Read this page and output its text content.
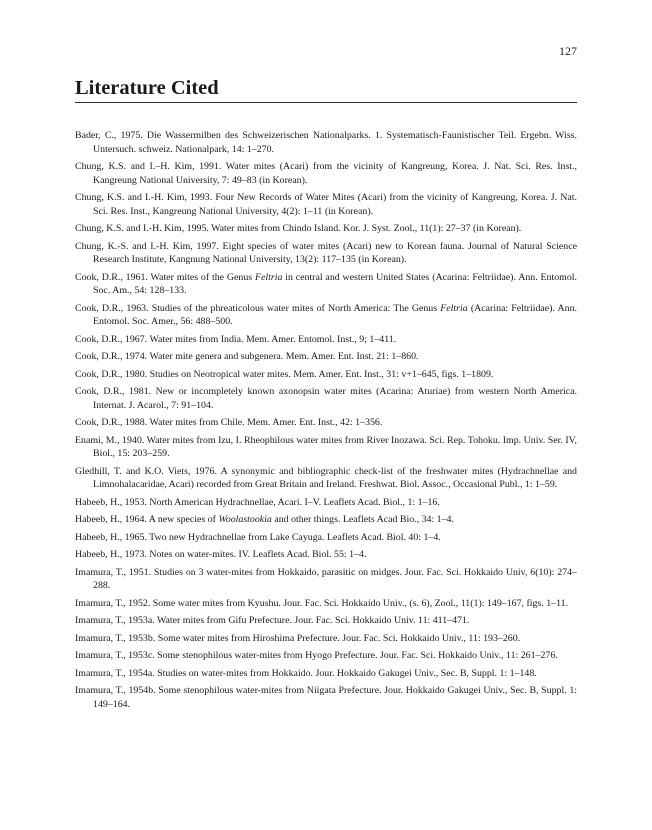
127
Literature Cited
Bader, C., 1975. Die Wassermilben des Schweizerischen Nationalparks. 1. Systematisch-Faunistischer Teil. Ergebn. Wiss. Untersuch. schweiz. Nationalpark, 14: 1–270.
Chung, K.S. and I.–H. Kim, 1991. Water mites (Acari) from the vicinity of Kangreung, Korea. J. Nat. Sci. Res. Inst., Kangreung National University, 7: 49–83 (in Korean).
Chung, K.S. and I.-H. Kim, 1993. Four New Records of Water Mites (Acari) from the vicinity of Kangreung, Korea. J. Nat. Sci. Res. Inst., Kangreung National University, 4(2): 1–11 (in Korean).
Chung, K.S. and I.-H. Kim, 1995. Water mites from Chindo Island. Kor. J. Syst. Zool., 11(1): 27–37 (in Korean).
Chung, K.-S. and I.-H. Kim, 1997. Eight species of water mites (Acari) new to Korean fauna. Journal of Natural Science Research Institute, Kangnung National University, 13(2): 117–135 (in Korean).
Cook, D.R., 1961. Water mites of the Genus Feltria in central and western United States (Acarina: Feltriidae). Ann. Entomol. Soc. Am., 54: 128–133.
Cook, D.R., 1963. Studies of the phreaticolous water mites of North America: The Genus Feltria (Acarina: Feltriidae). Ann. Entomol. Soc. Amer., 56: 488–500.
Cook, D.R., 1967. Water mites from India. Mem. Amer. Entomol. Inst., 9; 1–411.
Cook, D.R., 1974. Water mite genera and subgenera. Mem. Amer. Ent. Inst. 21: 1–860.
Cook, D.R., 1980. Studies on Neotropical water mites. Mem. Amer. Ent. Inst., 31: v+1–645, figs. 1–1809.
Cook, D.R., 1981. New or incompletely known axonopsin water mites (Acarina: Aturiae) from western North America. Internat. J. Acarol., 7: 91–104.
Cook, D.R., 1988. Water mites from Chile. Mem. Amer. Ent. Inst., 42: 1–356.
Enami, M., 1940. Water mites from Izu, I. Rheophilous water mites from River Inozawa. Sci. Rep. Tohoku. Imp. Univ. Ser. IV, Biol., 15: 203–259.
Gledhill, T. and K.O. Viets, 1976. A synonymic and bibliographic check-list of the freshwater mites (Hydrachnellae and Limnohalacaridae, Acari) recorded from Great Britain and Ireland. Freshwat. Biol. Assoc., Occasional Publ., 1: 1–59.
Habeeb, H., 1953. North American Hydrachnellae, Acari. I–V. Leaflets Acad. Biol., 1: 1–16.
Habeeb, H., 1964. A new species of Woolastookia and other things. Leaflets Acad Bio., 34: 1–4.
Habeeb, H., 1965. Two new Hydrachnellae from Lake Cayuga. Leaflets Acad. Biol. 40: 1–4.
Habeeb, H., 1973. Notes on water-mites. IV. Leaflets Acad. Biol. 55: 1–4.
Imamura, T., 1951. Studies on 3 water-mites from Hokkaido, parasitic on midges. Jour. Fac. Sci. Hokkaido Univ, 6(10): 274–288.
Imamura, T., 1952. Some water mites from Kyushu. Jour. Fac. Sci. Hokkaido Univ., (s. 6), Zool., 11(1): 149–167, figs. 1–11.
Imamura, T., 1953a. Water mites from Gifu Prefecture. Jour. Fac. Sci. Hokkaido Univ. 11: 411–471.
Imamura, T., 1953b. Some water mites from Hiroshima Prefecture. Jour. Fac. Sci. Hokkaido Univ., 11: 193–260.
Imamura, T., 1953c. Some stenophilous water-mites from Hyogo Prefecture. Jour. Fac. Sci. Hokkaido Univ., 11: 261–276.
Imamura, T., 1954a. Studies on water-mites from Hokkaido. Jour. Hokkaido Gakugei Univ., Sec. B, Suppl. 1: 1–148.
Imamura, T., 1954b. Some stenophilous water-mites from Niigata Prefecture. Jour. Hokkaido Gakugei Univ., Sec. B, Suppl. 1: 149–164.
